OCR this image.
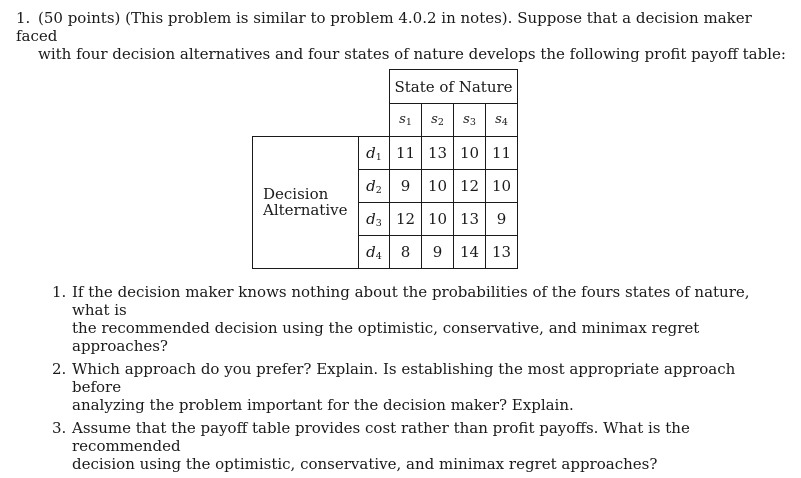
1. (50 points) (This problem is similar to problem 4.0.2 in notes). Suppose that a decision maker faced
with four decision alternatives and four states of nature develops the following profit payoff table:
		State of Nature			
		$s_1$	$s_2$	$s_3$	$s_4$
Decision
Alternative	$d_1$	11	13	10	11
	$d_2$	9	10	12	10
	$d_3$	12	10	13	9
	$d_4$	8	9	14	13
1. If the decision maker knows nothing about the probabilities of the fours states of nature, what is
the recommended decision using the optimistic, conservative, and minimax regret approaches?
2. Which approach do you prefer? Explain. Is establishing the most appropriate approach before
analyzing the problem important for the decision maker? Explain.
3. Assume that the payoff table provides cost rather than profit payoffs. What is the recommended
decision using the optimistic, conservative, and minimax regret approaches?
